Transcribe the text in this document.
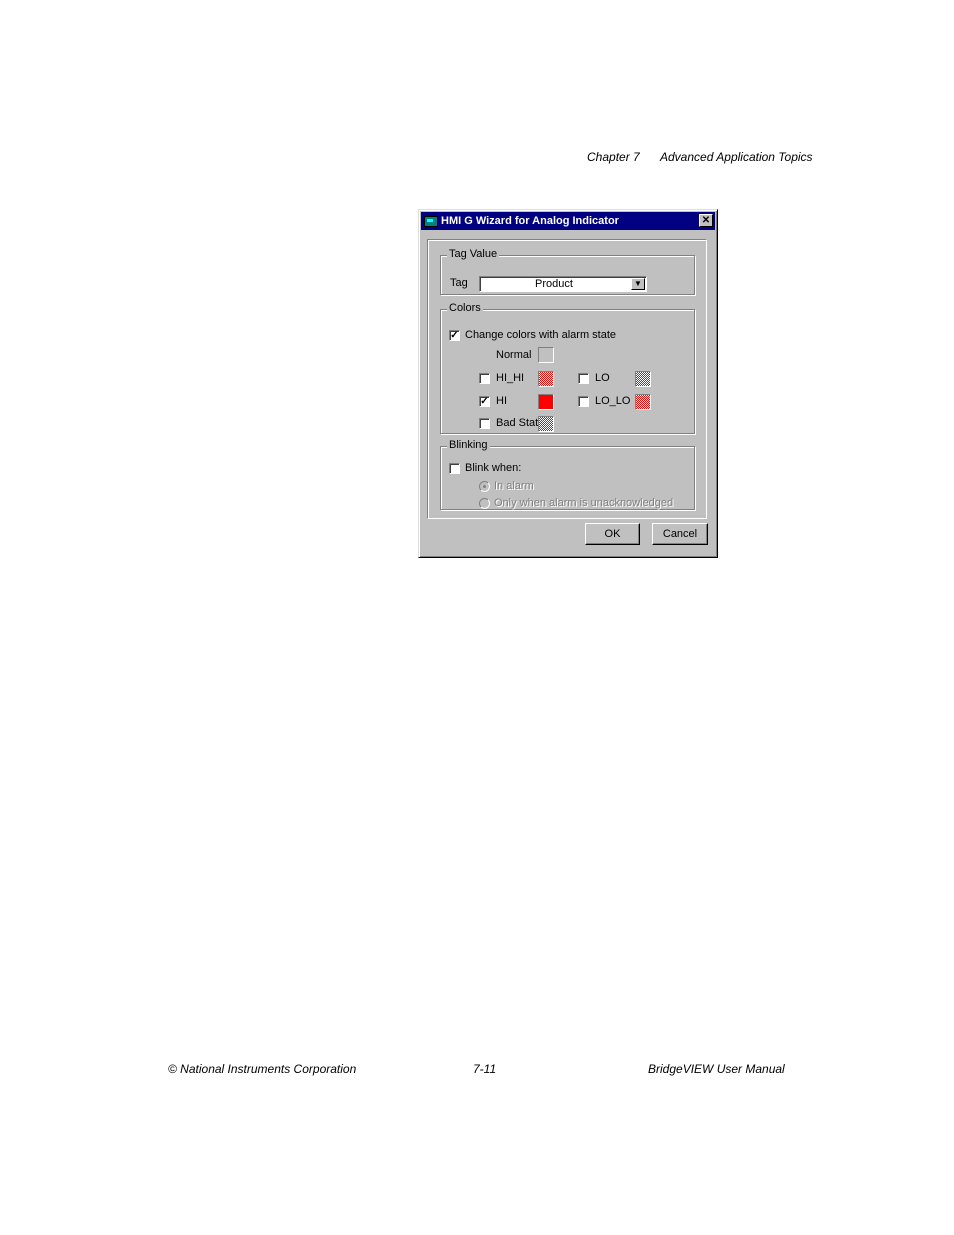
Chapter 7 Advanced Application Topics
© National Instruments Corporation	7-11	BridgeVIEW User Manual
HMI G Wizard for Analog Indicator	✕
Tag Value
Tag	Product	▼
Colors
✓ Change colors with alarm state
Normal
HI_HI	LO
✓ HI	LO_LO
Bad Stat
Blinking
Blink when:
In alarm
Only when alarm is unacknowledged
OK	Cancel
